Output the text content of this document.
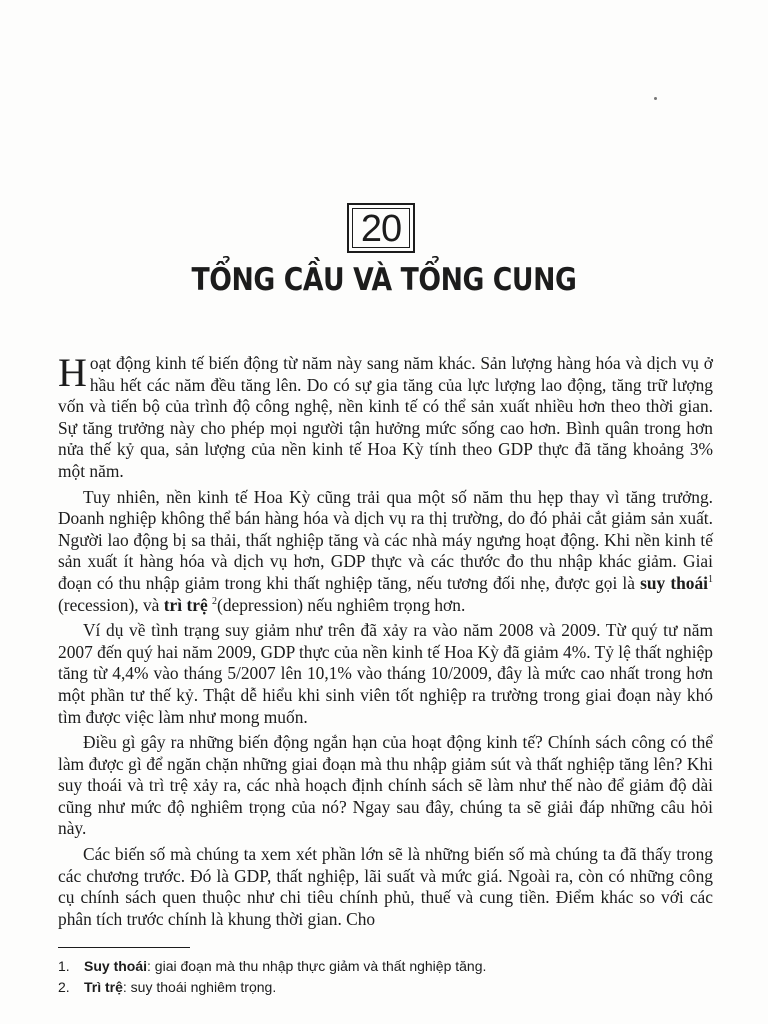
20
TỔNG CẦU VÀ TỔNG CUNG

Hoạt động kinh tế biến động từ năm này sang năm khác. Sản lượng hàng hóa và dịch vụ ở hầu hết các năm đều tăng lên. Do có sự gia tăng của lực lượng lao động, tăng trữ lượng vốn và tiến bộ của trình độ công nghệ, nền kinh tế có thể sản xuất nhiều hơn theo thời gian. Sự tăng trưởng này cho phép mọi người tận hưởng mức sống cao hơn. Bình quân trong hơn nửa thế kỷ qua, sản lượng của nền kinh tế Hoa Kỳ tính theo GDP thực đã tăng khoảng 3% một năm.

Tuy nhiên, nền kinh tế Hoa Kỳ cũng trải qua một số năm thu hẹp thay vì tăng trưởng. Doanh nghiệp không thể bán hàng hóa và dịch vụ ra thị trường, do đó phải cắt giảm sản xuất. Người lao động bị sa thải, thất nghiệp tăng và các nhà máy ngưng hoạt động. Khi nền kinh tế sản xuất ít hàng hóa và dịch vụ hơn, GDP thực và các thước đo thu nhập khác giảm. Giai đoạn có thu nhập giảm trong khi thất nghiệp tăng, nếu tương đối nhẹ, được gọi là suy thoái$^1$ (recession), và trì trệ $^2$(depression) nếu nghiêm trọng hơn.

Ví dụ về tình trạng suy giảm như trên đã xảy ra vào năm 2008 và 2009. Từ quý tư năm 2007 đến quý hai năm 2009, GDP thực của nền kinh tế Hoa Kỳ đã giảm 4%. Tỷ lệ thất nghiệp tăng từ 4,4% vào tháng 5/2007 lên 10,1% vào tháng 10/2009, đây là mức cao nhất trong hơn một phần tư thế kỷ. Thật dễ hiểu khi sinh viên tốt nghiệp ra trường trong giai đoạn này khó tìm được việc làm như mong muốn.

Điều gì gây ra những biến động ngắn hạn của hoạt động kinh tế? Chính sách công có thể làm được gì để ngăn chặn những giai đoạn mà thu nhập giảm sút và thất nghiệp tăng lên? Khi suy thoái và trì trệ xảy ra, các nhà hoạch định chính sách sẽ làm như thế nào để giảm độ dài cũng như mức độ nghiêm trọng của nó? Ngay sau đây, chúng ta sẽ giải đáp những câu hỏi này.

Các biến số mà chúng ta xem xét phần lớn sẽ là những biến số mà chúng ta đã thấy trong các chương trước. Đó là GDP, thất nghiệp, lãi suất và mức giá. Ngoài ra, còn có những công cụ chính sách quen thuộc như chi tiêu chính phủ, thuế và cung tiền. Điểm khác so với các phân tích trước chính là khung thời gian. Cho

1.	Suy thoái: giai đoạn mà thu nhập thực giảm và thất nghiệp tăng.
2.	Trì trệ: suy thoái nghiêm trọng.
